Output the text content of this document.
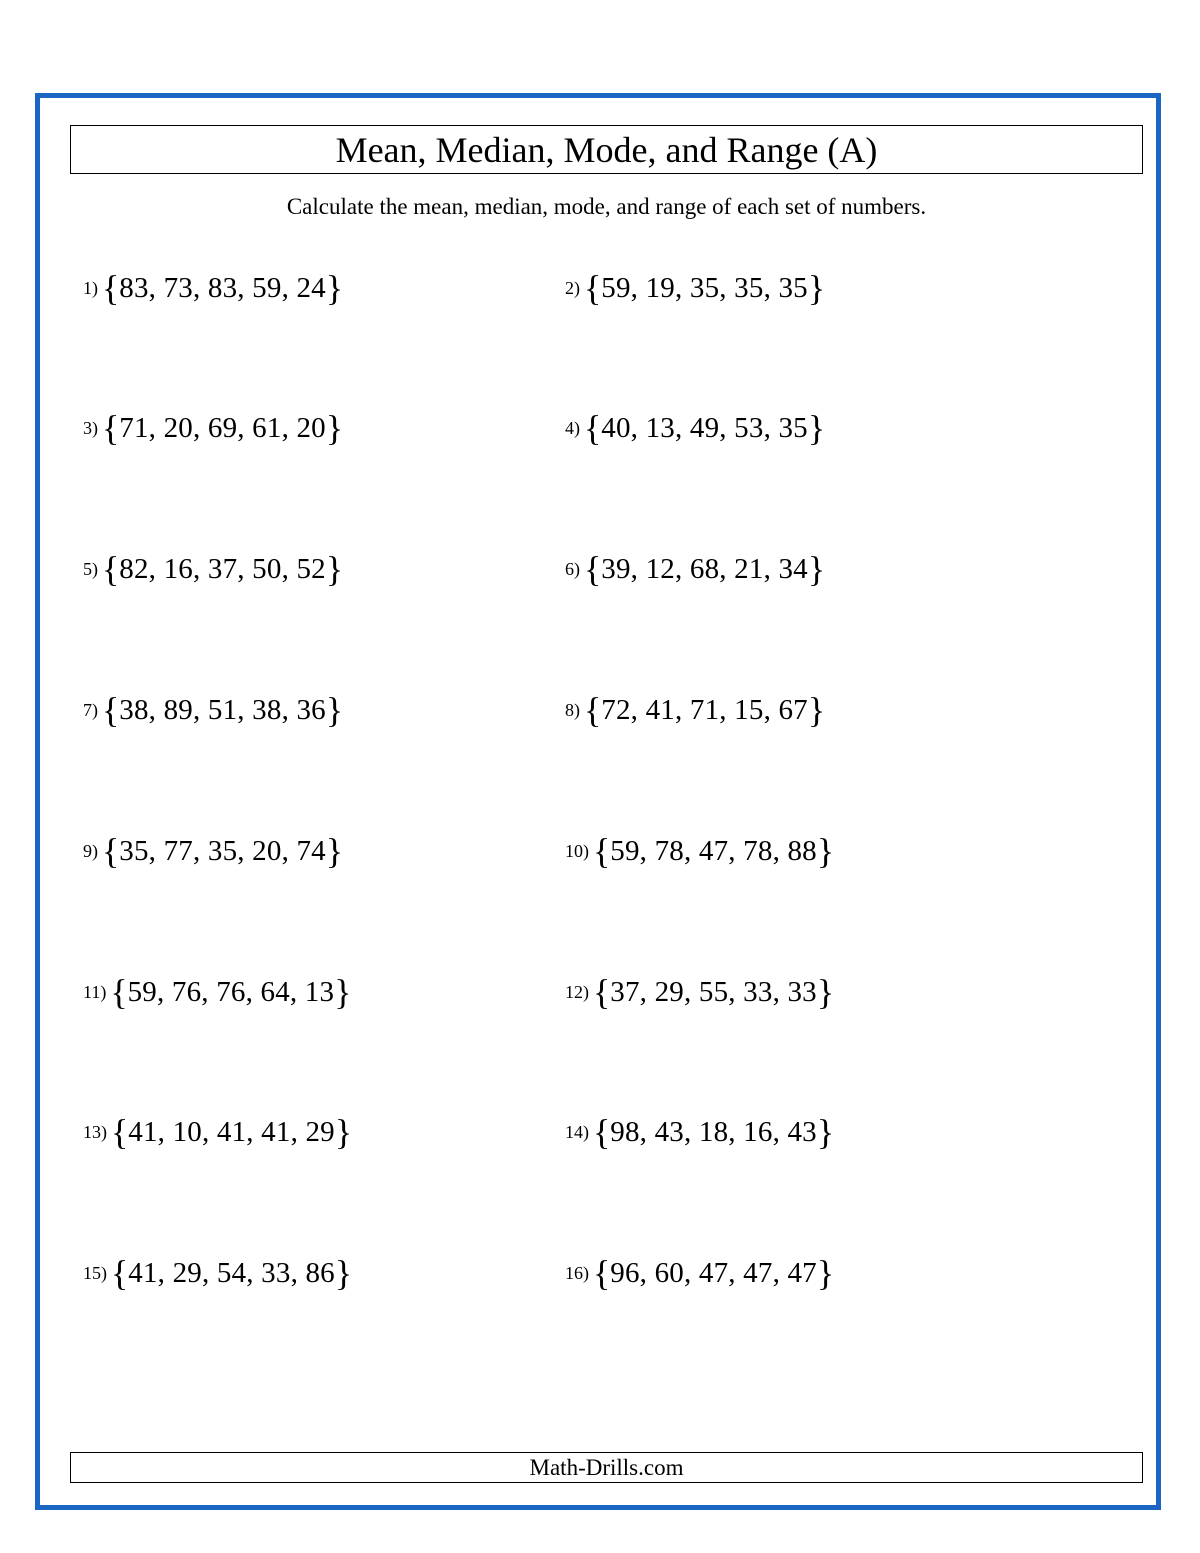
Mean, Median, Mode, and Range (A)
Calculate the mean, median, mode, and range of each set of numbers.
1) { 83, 73, 83, 59, 24 }	2) { 59, 19, 35, 35, 35 }
3) { 71, 20, 69, 61, 20 }	4) { 40, 13, 49, 53, 35 }
5) { 82, 16, 37, 50, 52 }	6) { 39, 12, 68, 21, 34 }
7) { 38, 89, 51, 38, 36 }	8) { 72, 41, 71, 15, 67 }
9) { 35, 77, 35, 20, 74 }	10) { 59, 78, 47, 78, 88 }
11) { 59, 76, 76, 64, 13 }	12) { 37, 29, 55, 33, 33 }
13) { 41, 10, 41, 41, 29 }	14) { 98, 43, 18, 16, 43 }
15) { 41, 29, 54, 33, 86 }	16) { 96, 60, 47, 47, 47 }
Math-Drills.com
